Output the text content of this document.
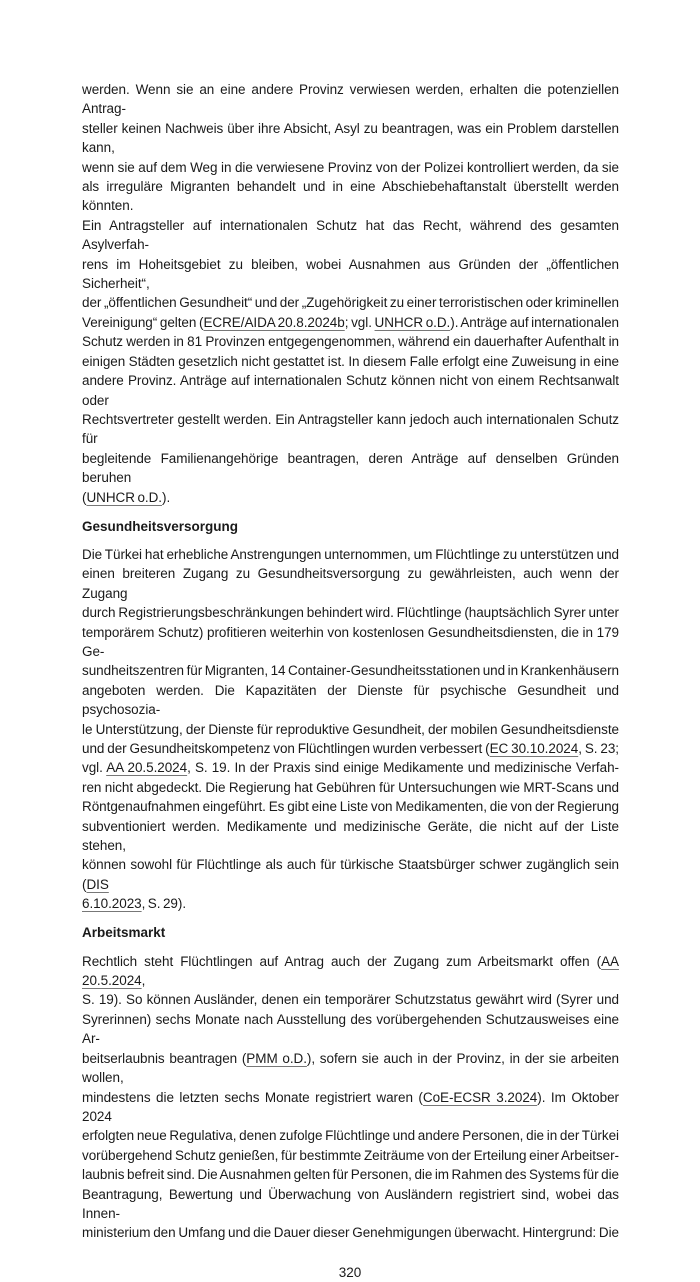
werden. Wenn sie an eine andere Provinz verwiesen werden, erhalten die potenziellen Antrag-
steller keinen Nachweis über ihre Absicht, Asyl zu beantragen, was ein Problem darstellen kann,
wenn sie auf dem Weg in die verwiesene Provinz von der Polizei kontrolliert werden, da sie
als irreguläre Migranten behandelt und in eine Abschiebehaftanstalt überstellt werden könnten.
Ein Antragsteller auf internationalen Schutz hat das Recht, während des gesamten Asylverfah-
rens im Hoheitsgebiet zu bleiben, wobei Ausnahmen aus Gründen der „öffentlichen Sicherheit“,
der „öffentlichen Gesundheit“ und der „Zugehörigkeit zu einer terroristischen oder kriminellen
Vereinigung“ gelten (ECRE/AIDA 20.8.2024b; vgl. UNHCR o.D.). Anträge auf internationalen
Schutz werden in 81 Provinzen entgegengenommen, während ein dauerhafter Aufenthalt in
einigen Städten gesetzlich nicht gestattet ist. In diesem Falle erfolgt eine Zuweisung in eine
andere Provinz. Anträge auf internationalen Schutz können nicht von einem Rechtsanwalt oder
Rechtsvertreter gestellt werden. Ein Antragsteller kann jedoch auch internationalen Schutz für
begleitende Familienangehörige beantragen, deren Anträge auf denselben Gründen beruhen
(UNHCR o.D.).
Gesundheitsversorgung
Die Türkei hat erhebliche Anstrengungen unternommen, um Flüchtlinge zu unterstützen und
einen breiteren Zugang zu Gesundheitsversorgung zu gewährleisten, auch wenn der Zugang
durch Registrierungsbeschränkungen behindert wird. Flüchtlinge (hauptsächlich Syrer unter
temporärem Schutz) profitieren weiterhin von kostenlosen Gesundheitsdiensten, die in 179 Ge-
sundheitszentren für Migranten, 14 Container-Gesundheitsstationen und in Krankenhäusern
angeboten werden. Die Kapazitäten der Dienste für psychische Gesundheit und psychosozia-
le Unterstützung, der Dienste für reproduktive Gesundheit, der mobilen Gesundheitsdienste
und der Gesundheitskompetenz von Flüchtlingen wurden verbessert (EC 30.10.2024, S. 23;
vgl. AA 20.5.2024, S. 19. In der Praxis sind einige Medikamente und medizinische Verfah-
ren nicht abgedeckt. Die Regierung hat Gebühren für Untersuchungen wie MRT-Scans und
Röntgenaufnahmen eingeführt. Es gibt eine Liste von Medikamenten, die von der Regierung
subventioniert werden. Medikamente und medizinische Geräte, die nicht auf der Liste stehen,
können sowohl für Flüchtlinge als auch für türkische Staatsbürger schwer zugänglich sein (DIS
6.10.2023, S. 29).
Arbeitsmarkt
Rechtlich steht Flüchtlingen auf Antrag auch der Zugang zum Arbeitsmarkt offen (AA 20.5.2024,
S. 19). So können Ausländer, denen ein temporärer Schutzstatus gewährt wird (Syrer und
Syrerinnen) sechs Monate nach Ausstellung des vorübergehenden Schutzausweises eine Ar-
beitserlaubnis beantragen (PMM o.D.), sofern sie auch in der Provinz, in der sie arbeiten wollen,
mindestens die letzten sechs Monate registriert waren (CoE-ECSR 3.2024). Im Oktober 2024
erfolgten neue Regulativa, denen zufolge Flüchtlinge und andere Personen, die in der Türkei
vorübergehend Schutz genießen, für bestimmte Zeiträume von der Erteilung einer Arbeitser-
laubnis befreit sind. Die Ausnahmen gelten für Personen, die im Rahmen des Systems für die
Beantragung, Bewertung und Überwachung von Ausländern registriert sind, wobei das Innen-
ministerium den Umfang und die Dauer dieser Genehmigungen überwacht. Hintergrund: Die
320
